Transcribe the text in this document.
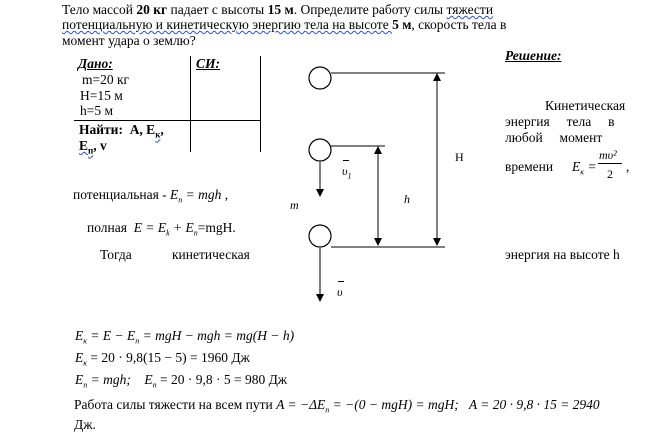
Тело массой 20 кг падает с высоты 15 м. Определите работу силы тяжести
потенциальную и кинетическую энергию тела на высоте 5 м, скорость тела в
момент удара о землю?
Дано:	СИ:
m=20 кг
H=15 м
h=5 м
Найти: A, $E_к$,
$E_п$, v
H
h
m
$\upsilon_1$
υ
Решение:
Кинетическая
энергия     тела     в
любой     момент
времени $E_к$ =
mυ²
2 ,
потенциальная - $E_п$ = mgh ,
полная $E = E_k + E_п=mgH$.
Тогда	кинетическая	энергия на высоте h
$E_к = E - E_п$ = mgH − mgh = mg(H − h)
$E_к = 20 \cdot 9,8(15 - 5) = 1960$ Дж
$E_п$ = mgh; $E_п = 20 \cdot 9,8 \cdot 5 = 980$ Дж
Работа силы тяжести на всем пути $A = -\Delta E_п = -(0 - mgH)$ = mgH; A = 20 · 9,8 · 15 = 2940
Дж.
